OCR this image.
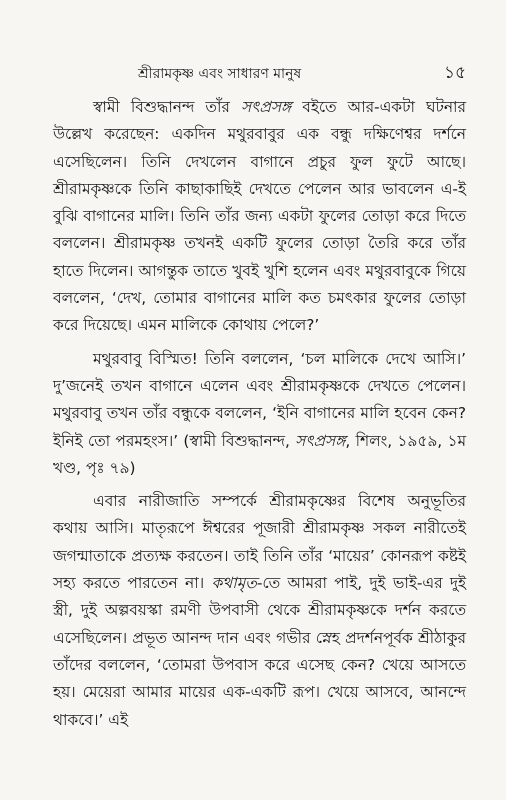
শ্রীরামকৃষ্ণ এবং সাধারণ মানুষ	১৫

স্বামী বিশুদ্ধানন্দ তাঁর সৎপ্রসঙ্গ বইতে আর-একটা ঘটনার উল্লেখ করেছেন: একদিন মথুরবাবুর এক বন্ধু দক্ষিণেশ্বর দর্শনে এসেছিলেন। তিনি দেখলেন বাগানে প্রচুর ফুল ফুটে আছে। শ্রীরামকৃষ্ণকে তিনি কাছাকাছিই দেখতে পেলেন আর ভাবলেন এ-ই বুঝি বাগানের মালি। তিনি তাঁর জন্য একটা ফুলের তোড়া করে দিতে বললেন। শ্রীরামকৃষ্ণ তখনই একটি ফুলের তোড়া তৈরি করে তাঁর হাতে দিলেন। আগন্তুক তাতে খুবই খুশি হলেন এবং মথুরবাবুকে গিয়ে বললেন, ‘দেখ, তোমার বাগানের মালি কত চমৎকার ফুলের তোড়া করে দিয়েছে। এমন মালিকে কোথায় পেলে?’

মথুরবাবু বিস্মিত! তিনি বললেন, ‘চল মালিকে দেখে আসি।’ দু’জনেই তখন বাগানে এলেন এবং শ্রীরামকৃষ্ণকে দেখতে পেলেন। মথুরবাবু তখন তাঁর বন্ধুকে বললেন, ‘ইনি বাগানের মালি হবেন কেন? ইনিই তো পরমহংস।’ (স্বামী বিশুদ্ধানন্দ, সৎপ্রসঙ্গ, শিলং, ১৯৫৯, ১ম খণ্ড, পৃঃ ৭৯)

এবার নারীজাতি সম্পর্কে শ্রীরামকৃষ্ণের বিশেষ অনুভূতির কথায় আসি। মাতৃরূপে ঈশ্বরের পূজারী শ্রীরামকৃষ্ণ সকল নারীতেই জগন্মাতাকে প্রত্যক্ষ করতেন। তাই তিনি তাঁর ‘মায়ের’ কোনরূপ কষ্টই সহ্য করতে পারতেন না। কথামৃত-তে আমরা পাই, দুই ভাই-এর দুই স্ত্রী, দুই অল্পবয়স্কা রমণী উপবাসী থেকে শ্রীরামকৃষ্ণকে দর্শন করতে এসেছিলেন। প্রভূত আনন্দ দান এবং গভীর স্নেহ প্রদর্শনপূর্বক শ্রীঠাকুর তাঁদের বললেন, ‘তোমরা উপবাস করে এসেছ কেন? খেয়ে আসতে হয়। মেয়েরা আমার মায়ের এক-একটি রূপ। খেয়ে আসবে, আনন্দে থাকবে।’ এই
